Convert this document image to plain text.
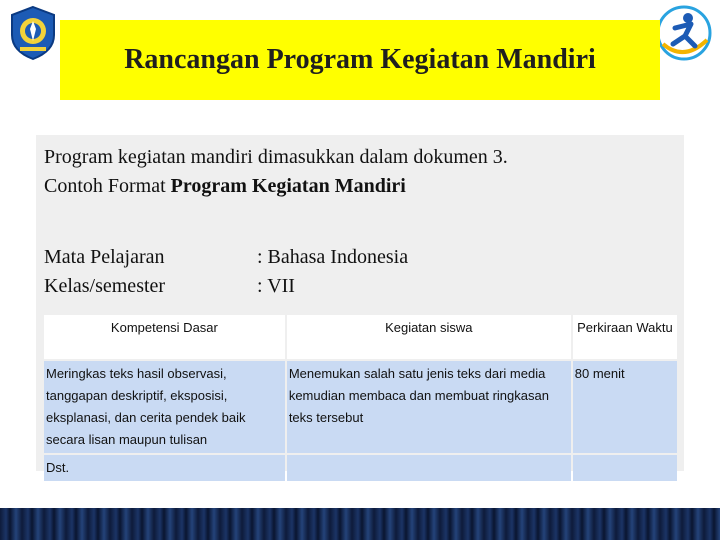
Rancangan Program Kegiatan Mandiri
Program kegiatan mandiri dimasukkan dalam dokumen 3.
Contoh Format Program Kegiatan Mandiri
Mata Pelajaran	: Bahasa Indonesia
Kelas/semester	: VII
Kompetensi Dasar	Kegiatan siswa	Perkiraan Waktu
Meringkas teks hasil observasi, tanggapan deskriptif, eksposisi, eksplanasi, dan cerita pendek baik secara lisan maupun tulisan	Menemukan salah satu jenis teks dari media kemudian membaca dan membuat ringkasan teks tersebut	80 menit
Dst.		
